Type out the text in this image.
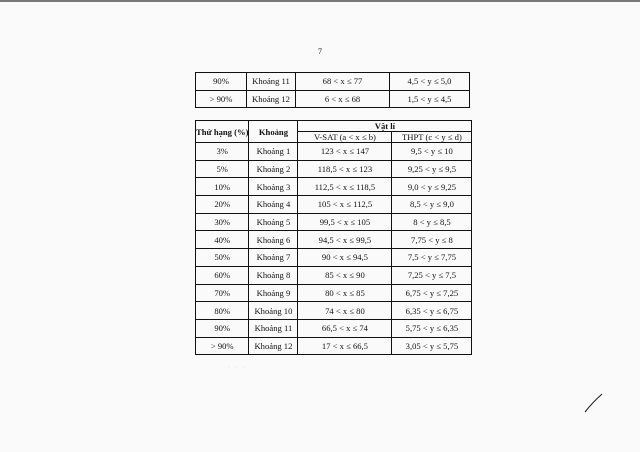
7
90%	Khoảng 11	68 < x ≤ 77	4,5 < y ≤ 5,0
> 90%	Khoảng 12	6 < x ≤ 68	1,5 < y ≤ 4,5
Thứ hạng (%)	Khoảng	Vật lí	
		V-SAT (a < x ≤ b)	THPT (c < y ≤ d)
3%	Khoảng 1	123 < x ≤ 147	9,5 < y ≤ 10
5%	Khoảng 2	118,5 < x ≤ 123	9,25 < y ≤ 9,5
10%	Khoảng 3	112,5 < x ≤ 118,5	9,0 < y ≤ 9,25
20%	Khoảng 4	105 < x ≤ 112,5	8,5 < y ≤ 9,0
30%	Khoảng 5	99,5 < x ≤ 105	8 < y ≤ 8,5
40%	Khoảng 6	94,5 < x ≤ 99,5	7,75 < y ≤ 8
50%	Khoảng 7	90 < x ≤ 94,5	7,5 < y ≤ 7,75
60%	Khoảng 8	85 < x ≤ 90	7,25 < y ≤ 7,5
70%	Khoảng 9	80 < x ≤ 85	6,75 < y ≤ 7,25
80%	Khoảng 10	74 < x ≤ 80	6,35 < y ≤ 6,75
90%	Khoảng 11	66,5 < x ≤ 74	5,75 < y ≤ 6,35
> 90%	Khoảng 12	17 < x ≤ 66,5	3,05 < y ≤ 5,75
· · ·
